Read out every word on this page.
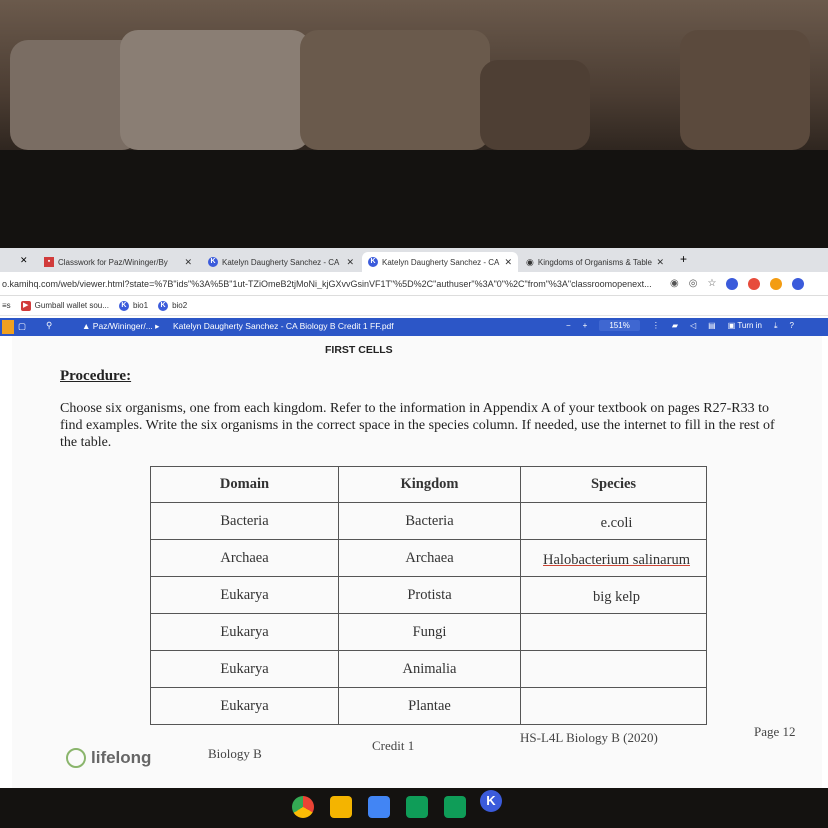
✕	▪ Classwork for Paz/Wininger/By ✕	K Katelyn Daugherty Sanchez - CA ✕	K Katelyn Daugherty Sanchez - CA ✕ ◉ Kingdoms of Organisms & Table ✕ +
o.kamihq.com/web/viewer.html?state=%7B"ids"%3A%5B"1ut-TZiOmeB2tjMoNi_kjGXvvGsinVF1T"%5D%2C"authuser"%3A"0"%2C"from"%3A"classroomopenext...	◉ ◎ ☆
≡s	▶ Gumball wallet sou...	K bio1	K bio2
▢ ⚲	▲ Paz/Wininger/... ▸ Katelyn Daugherty Sanchez - CA Biology B Credit 1 FF.pdf	− +	151%	⋮ ▰ ◁ ▤ ▣ Turn in ⤓ ?
FIRST CELLS
Procedure:
Choose six organisms, one from each kingdom. Refer to the information in Appendix A of your textbook on pages R27-R33 to find examples. Write the six organisms in the correct space in the species column. If needed, use the internet to fill in the rest of the table.
Domain	Kingdom	Species
Bacteria	Bacteria	e.coli
Archaea	Archaea	Halobacterium salinarum
Eukarya	Protista	big kelp
Eukarya	Fungi	
Eukarya	Animalia	
Eukarya	Plantae	
lifelong	Biology B
Credit 1
HS-L4L Biology B (2020)	Page 12
K
